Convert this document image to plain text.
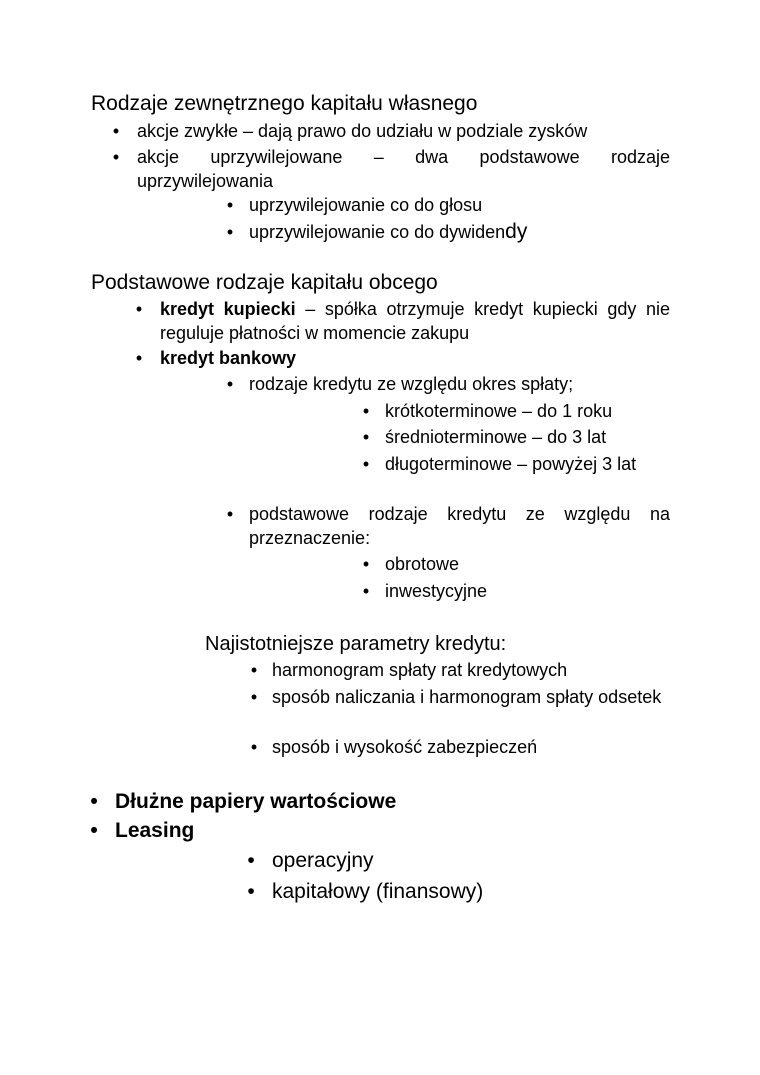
Rodzaje zewnętrznego kapitału własnego
• akcje zwykłe – dają prawo do udziału w podziale zysków
• akcje uprzywilejowane – dwa podstawowe rodzaje uprzywilejowania
• uprzywilejowanie co do głosu
• uprzywilejowanie co do dywidendy
Podstawowe rodzaje kapitału obcego
• kredyt kupiecki – spółka otrzymuje kredyt kupiecki gdy nie reguluje płatności w momencie zakupu
• kredyt bankowy
• rodzaje kredytu ze względu okres spłaty;
• krótkoterminowe – do 1 roku
• średnioterminowe – do 3 lat
• długoterminowe – powyżej 3 lat
• podstawowe rodzaje kredytu ze względu na przeznaczenie:
• obrotowe
• inwestycyjne
Najistotniejsze parametry kredytu:
• harmonogram spłaty rat kredytowych
• sposób naliczania i harmonogram spłaty odsetek
• sposób i wysokość zabezpieczeń
• Dłużne papiery wartościowe
• Leasing
• operacyjny
• kapitałowy (finansowy)
